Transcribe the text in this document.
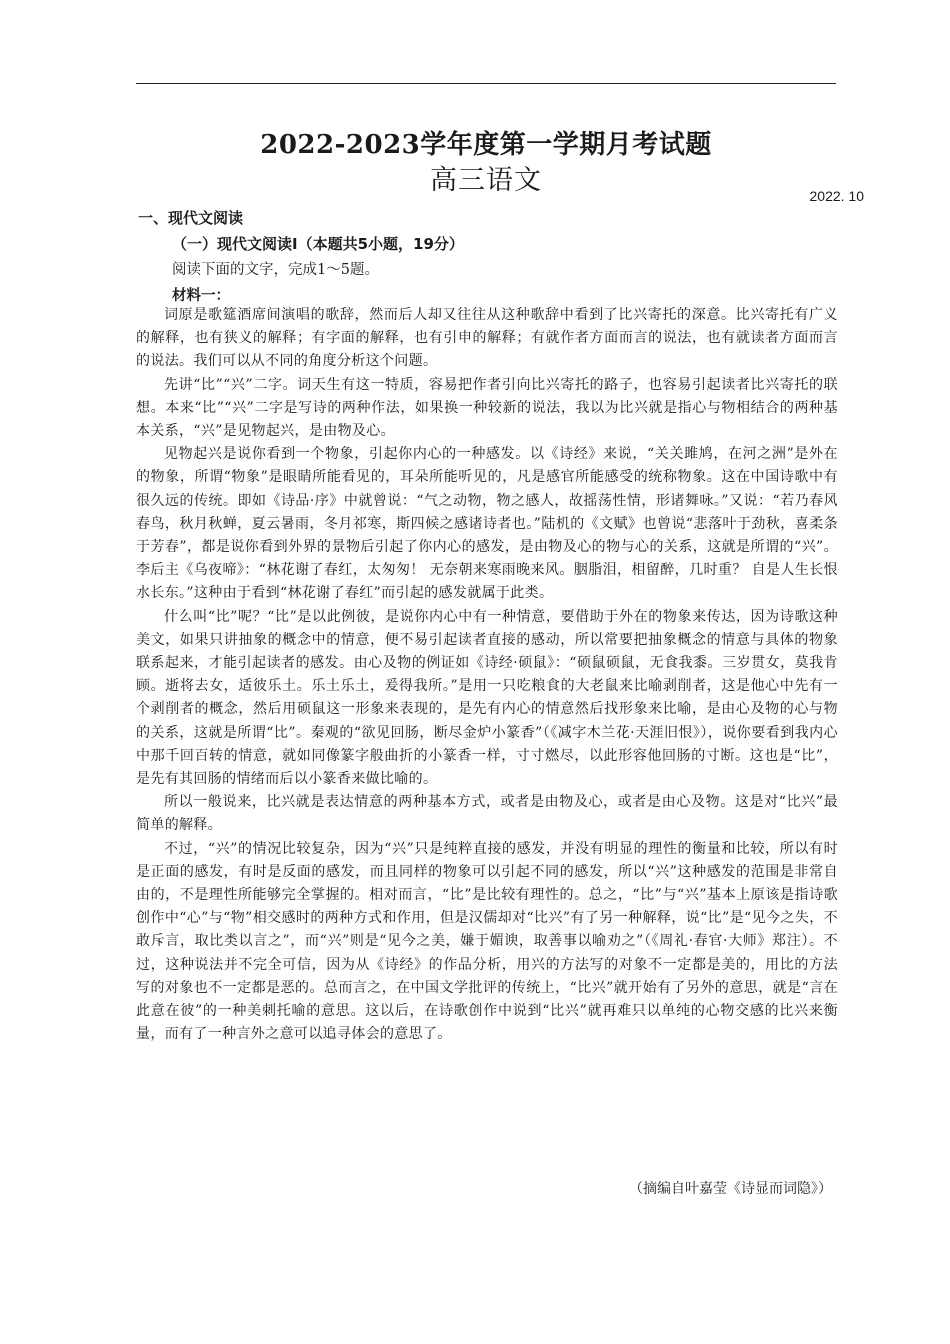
2022-2023学年度第一学期月考试题
高三语文	2022. 10
一、现代文阅读
（一）现代文阅读Ⅰ（本题共5小题，19分）
阅读下面的文字，完成1～5题。
材料一：

词原是歌筵酒席间演唱的歌辞，然而后人却又往往从这种歌辞中看到了比兴寄托的深意。比兴寄托有广义的解释，也有狭义的解释；有字面的解释，也有引申的解释；有就作者方面而言的说法，也有就读者方面而言的说法。我们可以从不同的角度分析这个问题。

先讲“比”“兴”二字。词天生有这一特质，容易把作者引向比兴寄托的路子，也容易引起读者比兴寄托的联想。本来“比”“兴”二字是写诗的两种作法，如果换一种较新的说法，我以为比兴就是指心与物相结合的两种基本关系，“兴”是见物起兴，是由物及心。

见物起兴是说你看到一个物象，引起你内心的一种感发。以《诗经》来说，“关关雎鸠，在河之洲”是外在的物象，所谓“物象”是眼睛所能看见的，耳朵所能听见的，凡是感官所能感受的统称物象。这在中国诗歌中有很久远的传统。即如《诗品·序》中就曾说：“气之动物，物之感人，故摇荡性情，形诸舞咏。”又说：“若乃春风春鸟，秋月秋蝉，夏云暑雨，冬月祁寒，斯四候之感诸诗者也。”陆机的《文赋》也曾说“悲落叶于劲秋，喜柔条于芳春”，都是说你看到外界的景物后引起了你内心的感发，是由物及心的物与心的关系，这就是所谓的“兴”。李后主《乌夜啼》：“林花谢了春红，太匆匆！ 无奈朝来寒雨晚来风。胭脂泪，相留醉，几时重？ 自是人生长恨水长东。”这种由于看到“林花谢了春红”而引起的感发就属于此类。

什么叫“比”呢？“比”是以此例彼，是说你内心中有一种情意，要借助于外在的物象来传达，因为诗歌这种美文，如果只讲抽象的概念中的情意，便不易引起读者直接的感动，所以常要把抽象概念的情意与具体的物象联系起来，才能引起读者的感发。由心及物的例证如《诗经·硕鼠》：“硕鼠硕鼠，无食我黍。三岁贯女，莫我肯顾。逝将去女，适彼乐土。乐土乐土，爰得我所。”是用一只吃粮食的大老鼠来比喻剥削者，这是他心中先有一个剥削者的概念，然后用硕鼠这一形象来表现的，是先有内心的情意然后找形象来比喻，是由心及物的心与物的关系，这就是所谓“比”。秦观的“欲见回肠，断尽金炉小篆香”（《减字木兰花·天涯旧恨》），说你要看到我内心中那千回百转的情意，就如同像篆字般曲折的小篆香一样，寸寸燃尽，以此形容他回肠的寸断。这也是“比”，是先有其回肠的情绪而后以小篆香来做比喻的。

所以一般说来，比兴就是表达情意的两种基本方式，或者是由物及心，或者是由心及物。这是对“比兴”最简单的解释。

不过，“兴”的情况比较复杂，因为“兴”只是纯粹直接的感发，并没有明显的理性的衡量和比较，所以有时是正面的感发，有时是反面的感发，而且同样的物象可以引起不同的感发，所以“兴”这种感发的范围是非常自由的，不是理性所能够完全掌握的。相对而言，“比”是比较有理性的。总之，“比”与“兴”基本上原该是指诗歌创作中“心”与“物”相交感时的两种方式和作用，但是汉儒却对“比兴”有了另一种解释，说“比”是“见今之失，不敢斥言，取比类以言之”，而“兴”则是“见今之美，嫌于媚谀，取善事以喻劝之”（《周礼·春官·大师》郑注）。不过，这种说法并不完全可信，因为从《诗经》的作品分析，用兴的方法写的对象不一定都是美的，用比的方法写的对象也不一定都是恶的。总而言之，在中国文学批评的传统上，“比兴”就开始有了另外的意思，就是“言在此意在彼”的一种美刺托喻的意思。这以后，在诗歌创作中说到“比兴”就再难只以单纯的心物交感的比兴来衡量，而有了一种言外之意可以追寻体会的意思了。

（摘编自叶嘉莹《诗显而词隐》）
